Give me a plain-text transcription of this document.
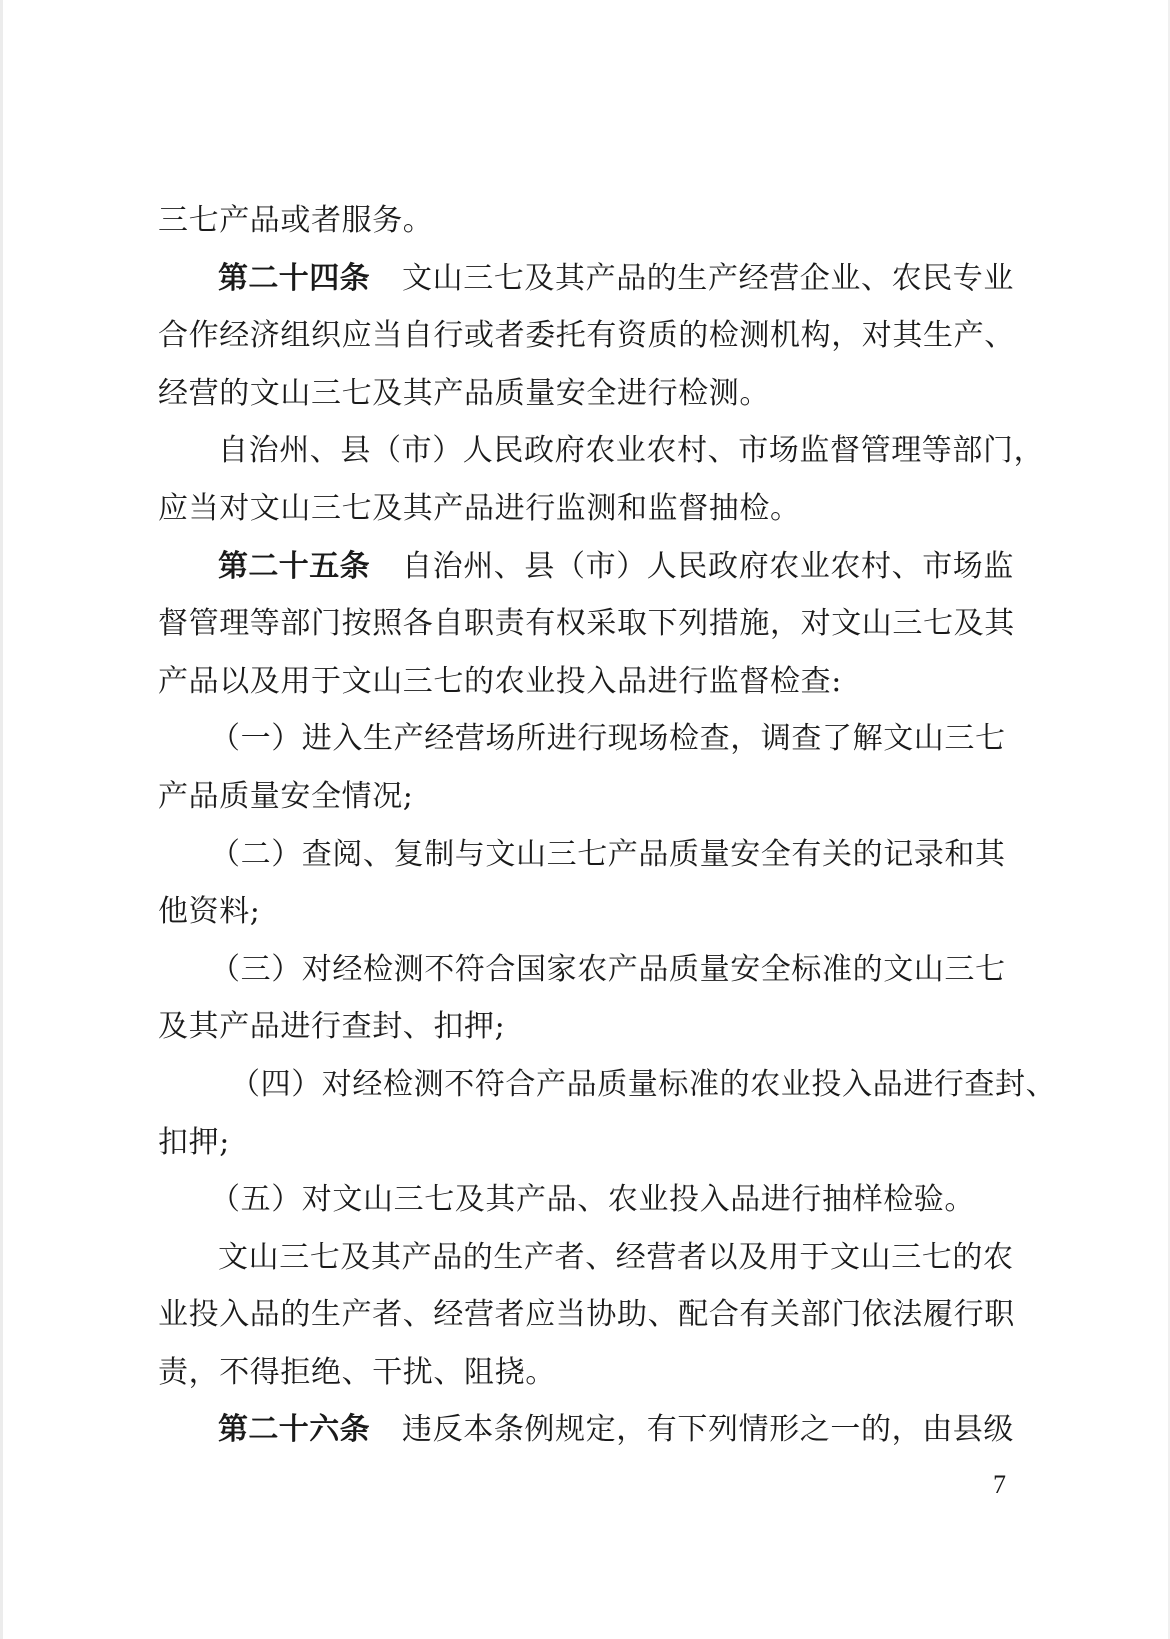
三七产品或者服务。
第二十四条 文山三七及其产品的生产经营企业、农民专业
合作经济组织应当自行或者委托有资质的检测机构，对其生产、
经营的文山三七及其产品质量安全进行检测。
自治州、县（市）人民政府农业农村、市场监督管理等部门，
应当对文山三七及其产品进行监测和监督抽检。
第二十五条 自治州、县（市）人民政府农业农村、市场监
督管理等部门按照各自职责有权采取下列措施，对文山三七及其
产品以及用于文山三七的农业投入品进行监督检查:
（一）进入生产经营场所进行现场检查，调查了解文山三七
产品质量安全情况;
（二）查阅、复制与文山三七产品质量安全有关的记录和其
他资料;
（三）对经检测不符合国家农产品质量安全标准的文山三七
及其产品进行查封、扣押;
（四）对经检测不符合产品质量标准的农业投入品进行查封、
扣押;
（五）对文山三七及其产品、农业投入品进行抽样检验。
文山三七及其产品的生产者、经营者以及用于文山三七的农
业投入品的生产者、经营者应当协助、配合有关部门依法履行职
责，不得拒绝、干扰、阻挠。
第二十六条 违反本条例规定，有下列情形之一的，由县级
7
